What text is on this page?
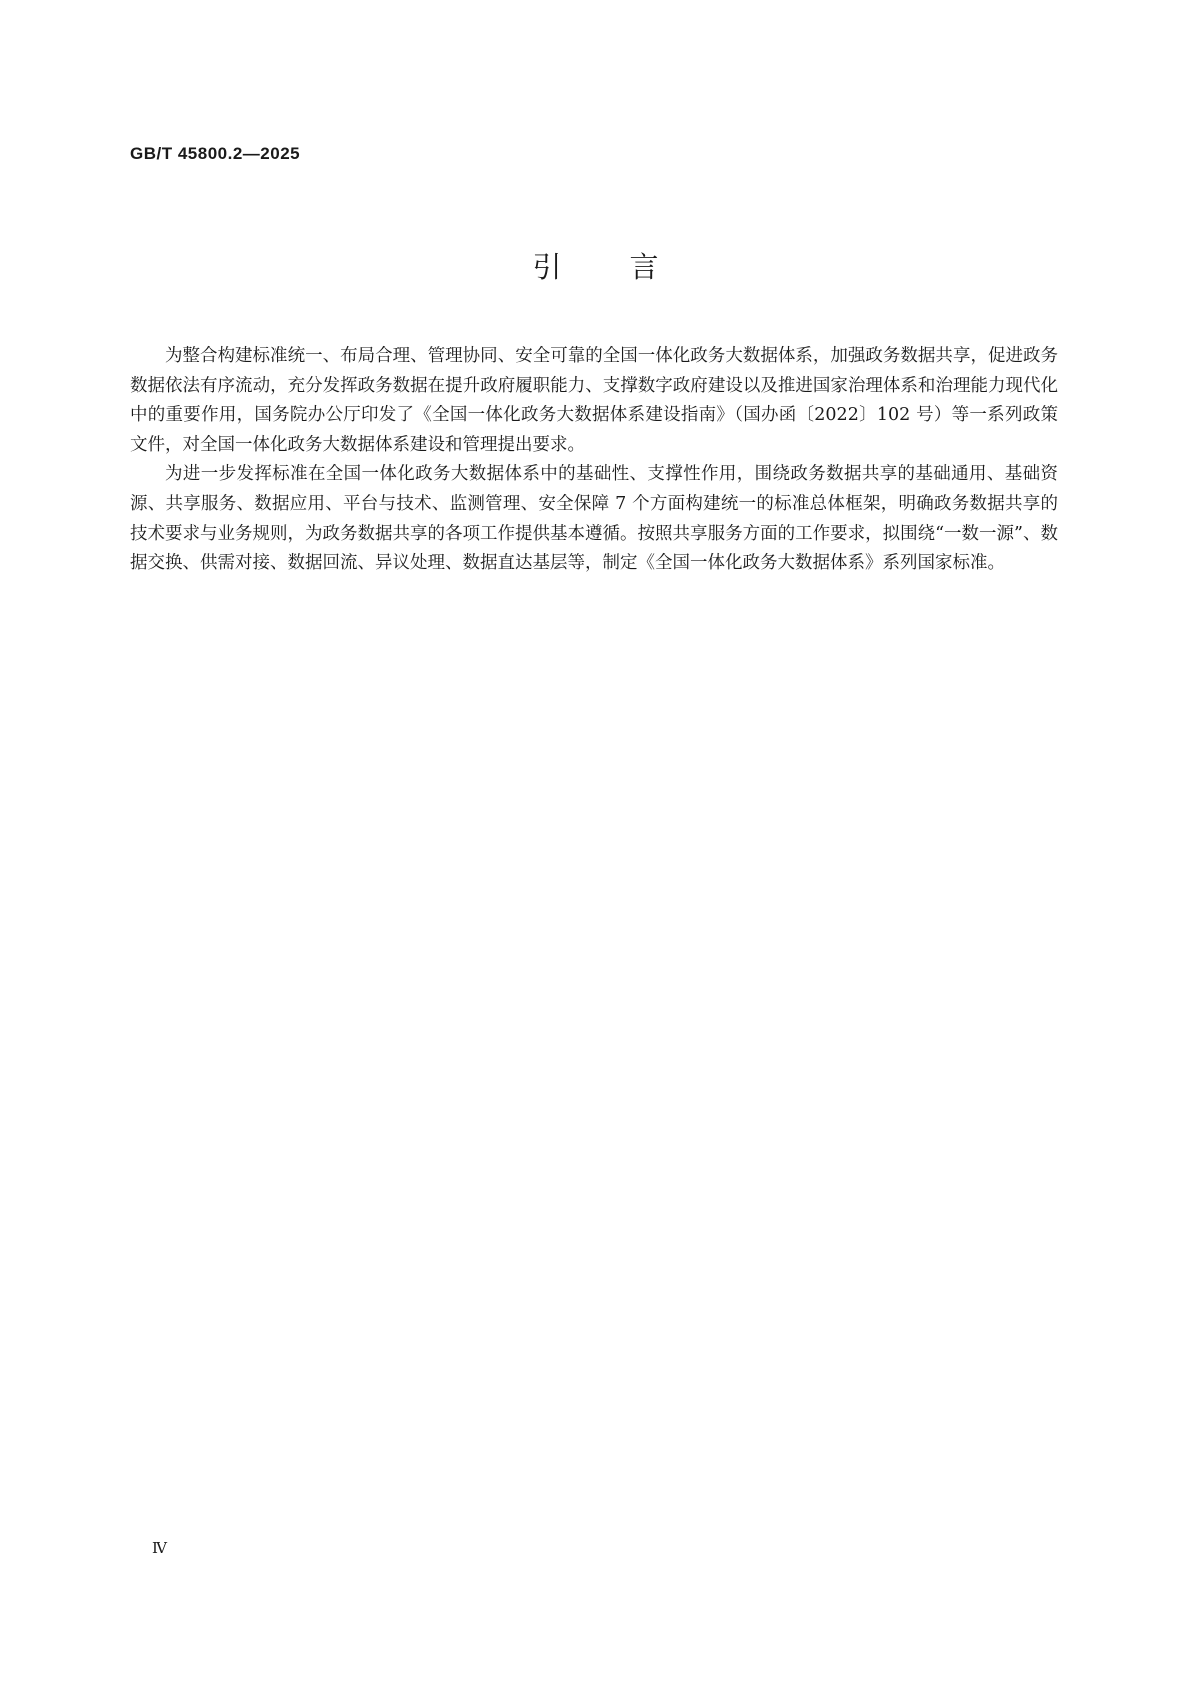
GB/T 45800.2—2025
引言

为整合构建标准统一、布局合理、管理协同、安全可靠的全国一体化政务大数据体系，加强政务数据共享，促进政务数据依法有序流动，充分发挥政务数据在提升政府履职能力、支撑数字政府建设以及推进国家治理体系和治理能力现代化中的重要作用，国务院办公厅印发了《全国一体化政务大数据体系建设指南》（国办函〔2022〕102 号）等一系列政策文件，对全国一体化政务大数据体系建设和管理提出要求。

为进一步发挥标准在全国一体化政务大数据体系中的基础性、支撑性作用，围绕政务数据共享的基础通用、基础资源、共享服务、数据应用、平台与技术、监测管理、安全保障 7 个方面构建统一的标准总体框架，明确政务数据共享的技术要求与业务规则，为政务数据共享的各项工作提供基本遵循。按照共享服务方面的工作要求，拟围绕“一数一源”、数据交换、供需对接、数据回流、异议处理、数据直达基层等，制定《全国一体化政务大数据体系》系列国家标准。

Ⅳ
